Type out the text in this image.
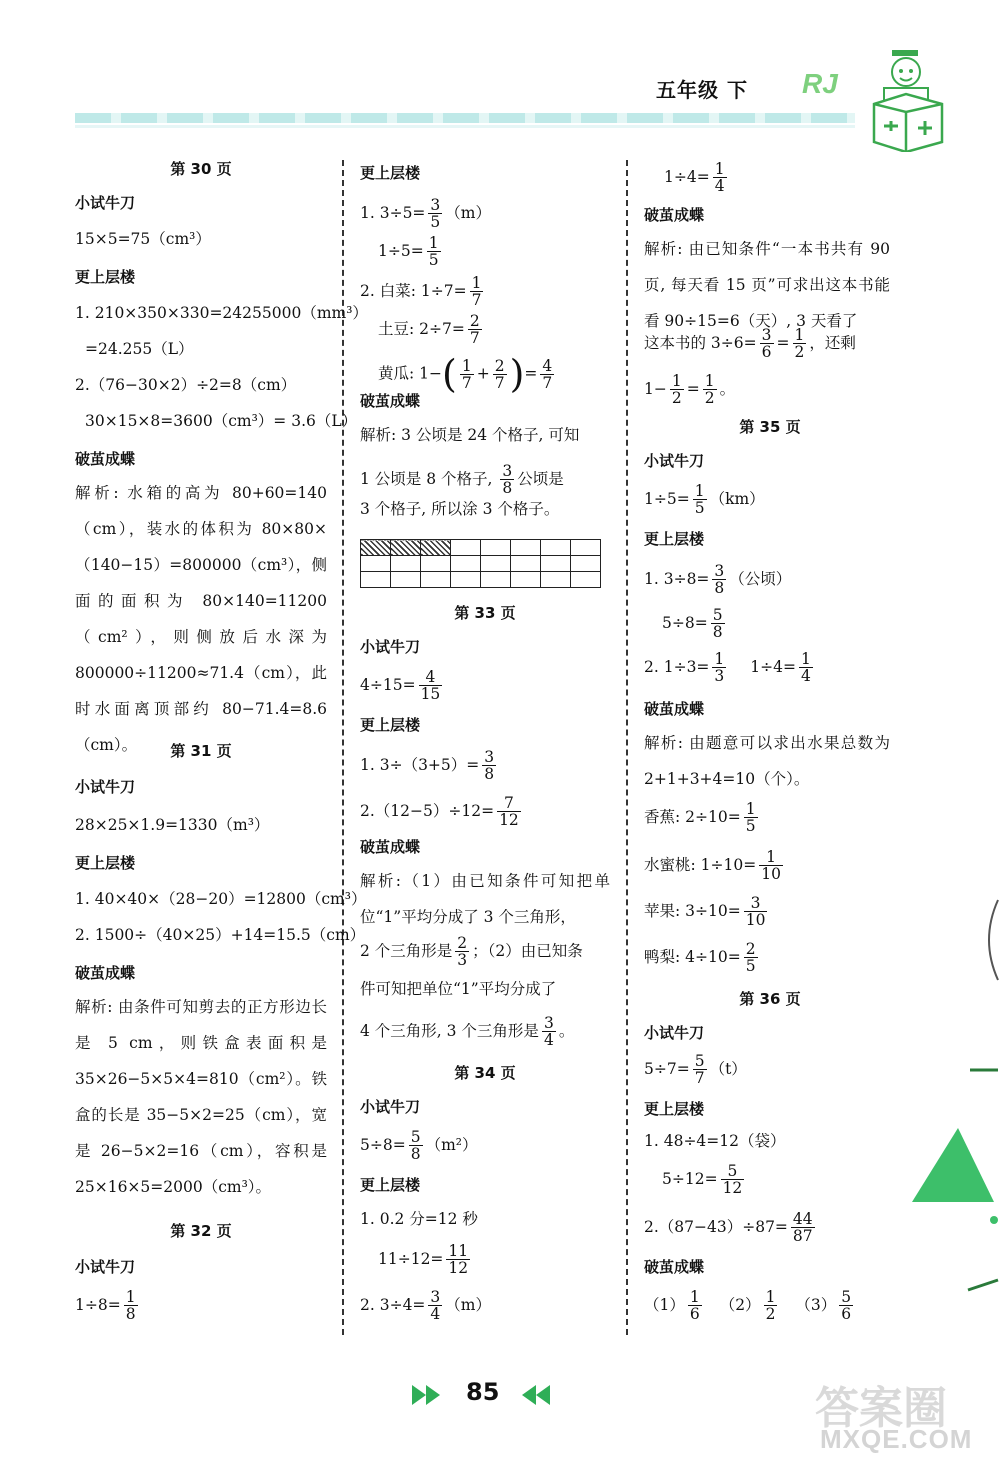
五年级 下 RJ
第 30 页
小试牛刀
15×5=75（cm³）
更上层楼
1. 210×350×330=24255000（mm³）
=24.255（L）
2.（76−30×2）÷2=8（cm）
30×15×8=3600（cm³）= 3.6（L）
破茧成蝶
解析: 水箱的高为 80+60=140（cm），装水的体积为 80×80×（140−15）=800000（cm³），侧面的面积为 80×140=11200（cm²），则侧放后水深为 800000÷11200≈71.4（cm），此时水面离顶部约 80−71.4=8.6（cm）。	第 31 页
小试牛刀
28×25×1.9=1330（m³）
更上层楼
1. 40×40×（28−20）=12800（cm³）
2. 1500÷（40×25）+14=15.5（cm）
破茧成蝶
解析: 由条件可知剪去的正方形边长是 5 cm，则铁盒表面积是 35×26−5×5×4=810（cm²）。铁盒的长是 35−5×2=25（cm），宽是 26−5×2=16（cm），容积是 25×16×5=2000（cm³）。
第 32 页
小试牛刀
$1\div 8= \frac{1}{8}$
更上层楼
1. $3\div 5= \frac{3}{5} (m)$
$1\div 5= \frac{1}{5}$
2. 白菜: $1\div 7= \frac{1}{7}$
土豆: $2\div 7= \frac{2}{7}$
黄瓜: $1-( \frac{1}{7} + \frac{2}{7}$ )= $\frac{4}{7}$
破茧成蝶
解析: 3 公顷是 24 个格子, 可知
1 公顷是 8 个格子, $\frac{3}{8}$ 公顷是
3 个格子, 所以涂 3 个格子。

第 33 页
小试牛刀
$4\div 15= \frac{4}{15}$
更上层楼
1. $3\div(3+5)= \frac{3}{8}$
$2.(12-5)\div 12= \frac{7}{12}$
破茧成蝶
解析:（1）由已知条件可知把单位“1”平均分成了 3 个三角形，
2 个三角形是 $\frac{2}{3}$ ；（2）由已知条
件可知把单位“1”平均分成了
4 个三角形, 3 个三角形是 $\frac{3}{4}$ 。
第 34 页
小试牛刀
$5\div 8= \frac{5}{8} (m^2)$
更上层楼
1. 0.2 分=12 秒
$11\div 12= \frac{11}{12}$
2. $3\div 4= \frac{3}{4} (m)$
$1\div 4= \frac{1}{4}$
破茧成蝶
解析: 由已知条件“一本书共有 90 页, 每天看 15 页”可求出这本书能看 90÷15=6（天）, 3 天看了
这本书的 $3\div 6= \frac{3}{6} = \frac{1}{2}$ ，还剩
$1- \frac{1}{2} = \frac{1}{2}$ 。
第 35 页
小试牛刀
$1\div 5= \frac{1}{5} (km)$
更上层楼
1. $3\div 8= \frac{3}{8}$ （公顷）
$5\div 8= \frac{5}{8}$
2. $1\div 3= \frac{1}{3} 1\div 4= \frac{1}{4}$
破茧成蝶
解析: 由题意可以求出水果总数为 2+1+3+4=10（个）。
香蕉: $2\div 10= \frac{1}{5}$
水蜜桃: $1\div 10= \frac{1}{10}$
苹果: $3\div 10= \frac{3}{10}$
鸭梨: $4\div 10= \frac{2}{5}$
第 36 页
小试牛刀
$5\div 7= \frac{5}{7} (t)$
更上层楼
1. 48÷4=12（袋）
$5\div 12= \frac{5}{12}$
$2.(87-43)\div 87= \frac{44}{87}$
破茧成蝶
$(1) \frac{1}{6} (2) \frac{1}{2} (3) \frac{5}{6}$
85	答案圈
MXQE.COM
